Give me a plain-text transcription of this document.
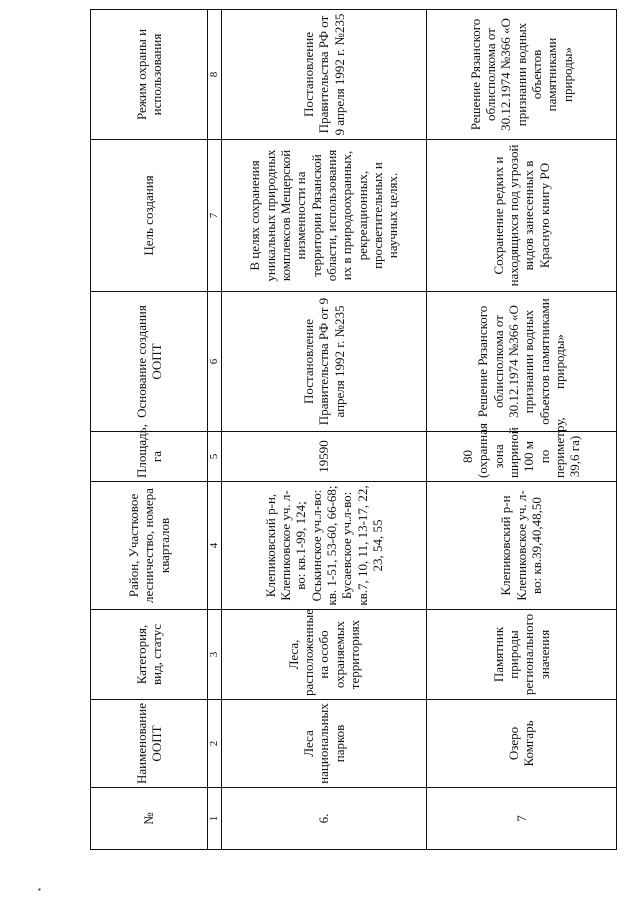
№	Наименование ООПТ	Категория, вид, статус	Район, Участковое лесничество, номера кварталов	Площадь, га	Основание создания ООПТ	Цель создания	Режим охраны и использования
1	2	3	4	5	6	7	8
6.	Леса национальных парков	Леса, расположенные на особо охраняемых территориях	Клепиковский р-н, Клепиковское уч. л-во: кв.1-99, 124; Оськинское уч.л-во: кв. 1-51, 53-60, 66-68; Бусаевское уч.л-во: кв.7, 10, 11, 13-17, 22, 23, 54, 55	19590	Постановление Правительства РФ от 9 апреля 1992 г. №235	В целях сохранения уникальных природных комплексов Мещерской низменности на территории Рязанской области, использования их в природоохранных, рекреационных, просветительных и научных целях.	Постановление Правительства РФ от 9 апреля 1992 г. №235
7	Озеро Комгарь	Памятник природы регионального значения	Клепиковский р-н Клепиковское уч. л-во: кв.39,40,48,50	80 (охранная зона шириной 100 м по периметру, 39,6 га)	Решение Рязанского облисполкома от 30.12.1974 №366 «О признании водных объектов памятниками природы»	Сохранение редких и находящихся под угрозой видов занесенных в Красную книгу РО	Решение Рязанского облисполкома от 30.12.1974 №366 «О признании водных объектов памятниками природы»
▪
